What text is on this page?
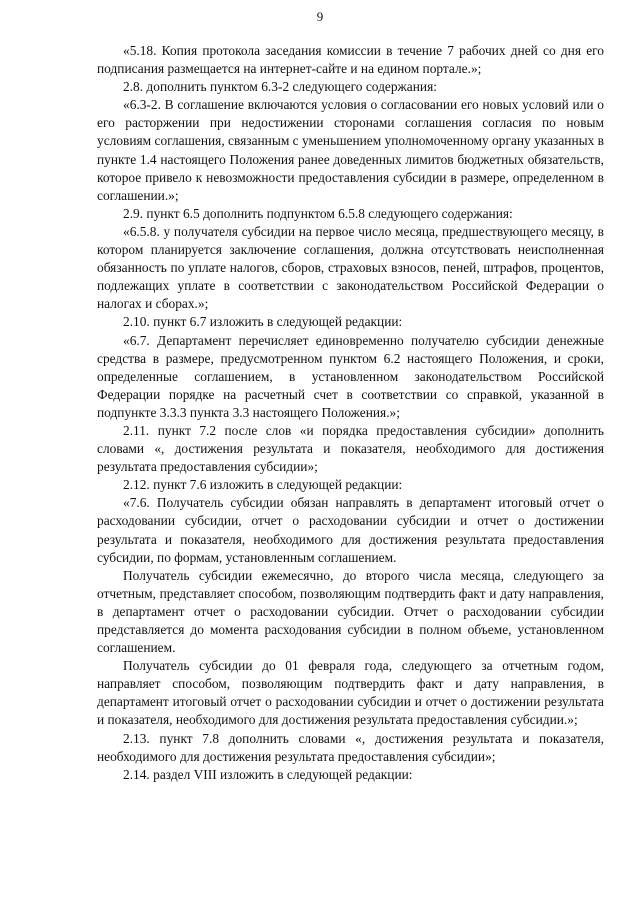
9

«5.18. Копия протокола заседания комиссии в течение 7 рабочих дней со дня его подписания размещается на интернет-сайте и на едином портале.»;

2.8. дополнить пунктом 6.3-2 следующего содержания:

«6.3-2. В соглашение включаются условия о согласовании его новых условий или о его расторжении при недостижении сторонами соглашения согласия по новым условиям соглашения, связанным с уменьшением уполномоченному органу указанных в пункте 1.4 настоящего Положения ранее доведенных лимитов бюджетных обязательств, которое привело к невозможности предоставления субсидии в размере, определенном в соглашении.»;

2.9. пункт 6.5 дополнить подпунктом 6.5.8 следующего содержания:

«6.5.8. у получателя субсидии на первое число месяца, предшествующего месяцу, в котором планируется заключение соглашения, должна отсутствовать неисполненная обязанность по уплате налогов, сборов, страховых взносов, пеней, штрафов, процентов, подлежащих уплате в соответствии с законодательством Российской Федерации о налогах и сборах.»;

2.10. пункт 6.7 изложить в следующей редакции:

«6.7. Департамент перечисляет единовременно получателю субсидии денежные средства в размере, предусмотренном пунктом 6.2 настоящего Положения, и сроки, определенные соглашением, в установленном законодательством Российской Федерации порядке на расчетный счет в соответствии со справкой, указанной в подпункте 3.3.3 пункта 3.3 настоящего Положения.»;

2.11. пункт 7.2 после слов «и порядка предоставления субсидии» дополнить словами «, достижения результата и показателя, необходимого для достижения результата предоставления субсидии»;

2.12. пункт 7.6 изложить в следующей редакции:

«7.6. Получатель субсидии обязан направлять в департамент итоговый отчет о расходовании субсидии, отчет о расходовании субсидии и отчет о достижении результата и показателя, необходимого для достижения результата предоставления субсидии, по формам, установленным соглашением.

Получатель субсидии ежемесячно, до второго числа месяца, следующего за отчетным, представляет способом, позволяющим подтвердить факт и дату направления, в департамент отчет о расходовании субсидии. Отчет о расходовании субсидии представляется до момента расходования субсидии в полном объеме, установленном соглашением.

Получатель субсидии до 01 февраля года, следующего за отчетным годом, направляет способом, позволяющим подтвердить факт и дату направления, в департамент итоговый отчет о расходовании субсидии и отчет о достижении результата и показателя, необходимого для достижения результата предоставления субсидии.»;

2.13. пункт 7.8 дополнить словами «, достижения результата и показателя, необходимого для достижения результата предоставления субсидии»;

2.14. раздел VIII изложить в следующей редакции:
